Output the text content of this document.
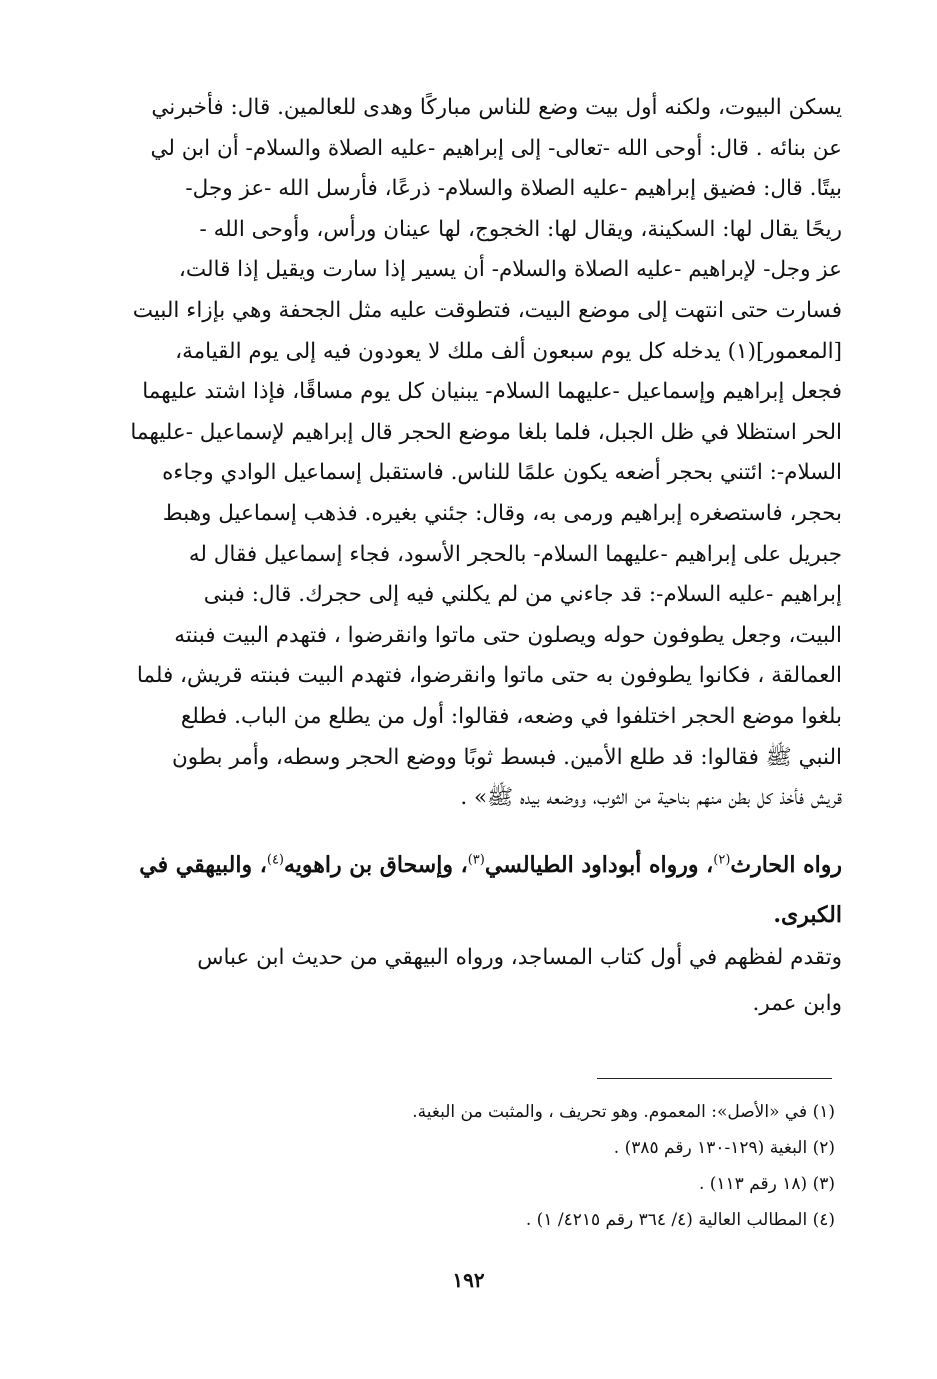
يسكن البيوت، ولكنه أول بيت وضع للناس مباركًا وهدى للعالمين. قال: فأخبرني
عن بنائه . قال: أوحى الله -تعالى- إلى إبراهيم -عليه الصلاة والسلام- أن ابن لي
بيتًا. قال: فضيق إبراهيم -عليه الصلاة والسلام- ذرعًا، فأرسل الله -عز وجل-
ريحًا يقال لها: السكينة، ويقال لها: الخجوج، لها عينان ورأس، وأوحى الله -
عز وجل- لإبراهيم -عليه الصلاة والسلام- أن يسير إذا سارت ويقيل إذا قالت،
فسارت حتى انتهت إلى موضع البيت، فتطوقت عليه مثل الجحفة وهي بإزاء البيت
[المعمور](١) يدخله كل يوم سبعون ألف ملك لا يعودون فيه إلى يوم القيامة،
فجعل إبراهيم وإسماعيل -عليهما السلام- يبنيان كل يوم مساقًا، فإذا اشتد عليهما
الحر استظلا في ظل الجبل، فلما بلغا موضع الحجر قال إبراهيم لإسماعيل -عليهما
السلام-: ائتني بحجر أضعه يكون علمًا للناس. فاستقبل إسماعيل الوادي وجاءه
بحجر، فاستصغره إبراهيم ورمى به، وقال: جئني بغيره. فذهب إسماعيل وهبط
جبريل على إبراهيم -عليهما السلام- بالحجر الأسود، فجاء إسماعيل فقال له
إبراهيم -عليه السلام-: قد جاءني من لم يكلني فيه إلى حجرك. قال: فبنى
البيت، وجعل يطوفون حوله ويصلون حتى ماتوا وانقرضوا ، فتهدم البيت فبنته
العمالقة ، فكانوا يطوفون به حتى ماتوا وانقرضوا، فتهدم البيت فبنته قريش، فلما
بلغوا موضع الحجر اختلفوا في وضعه، فقالوا: أول من يطلع من الباب. فطلع
النبي ﷺ فقالوا: قد طلع الأمين. فبسط ثوبًا ووضع الحجر وسطه، وأمر بطون
قريش فأخذ كل بطن منهم بناحية من الثوب، ووضعه بيده ﷺ» .
رواه الحارث$^{(٢)}$، ورواه أبوداود الطيالسي$^{(٣)}$، وإسحاق بن راهويه$^{(٤)}$، والبيهقي في
الكبرى.
وتقدم لفظهم في أول كتاب المساجد، ورواه البيهقي من حديث ابن عباس
وابن عمر.
(١) في «الأصل»: المعموم. وهو تحريف ، والمثبت من البغية.
(٢) البغية (١٢٩-١٣٠ رقم ٣٨٥) .
(٣) (١٨ رقم ١١٣) .
(٤) المطالب العالية (٤/ ٣٦٤ رقم ٤٢١٥/ ١) .
١٩٢
